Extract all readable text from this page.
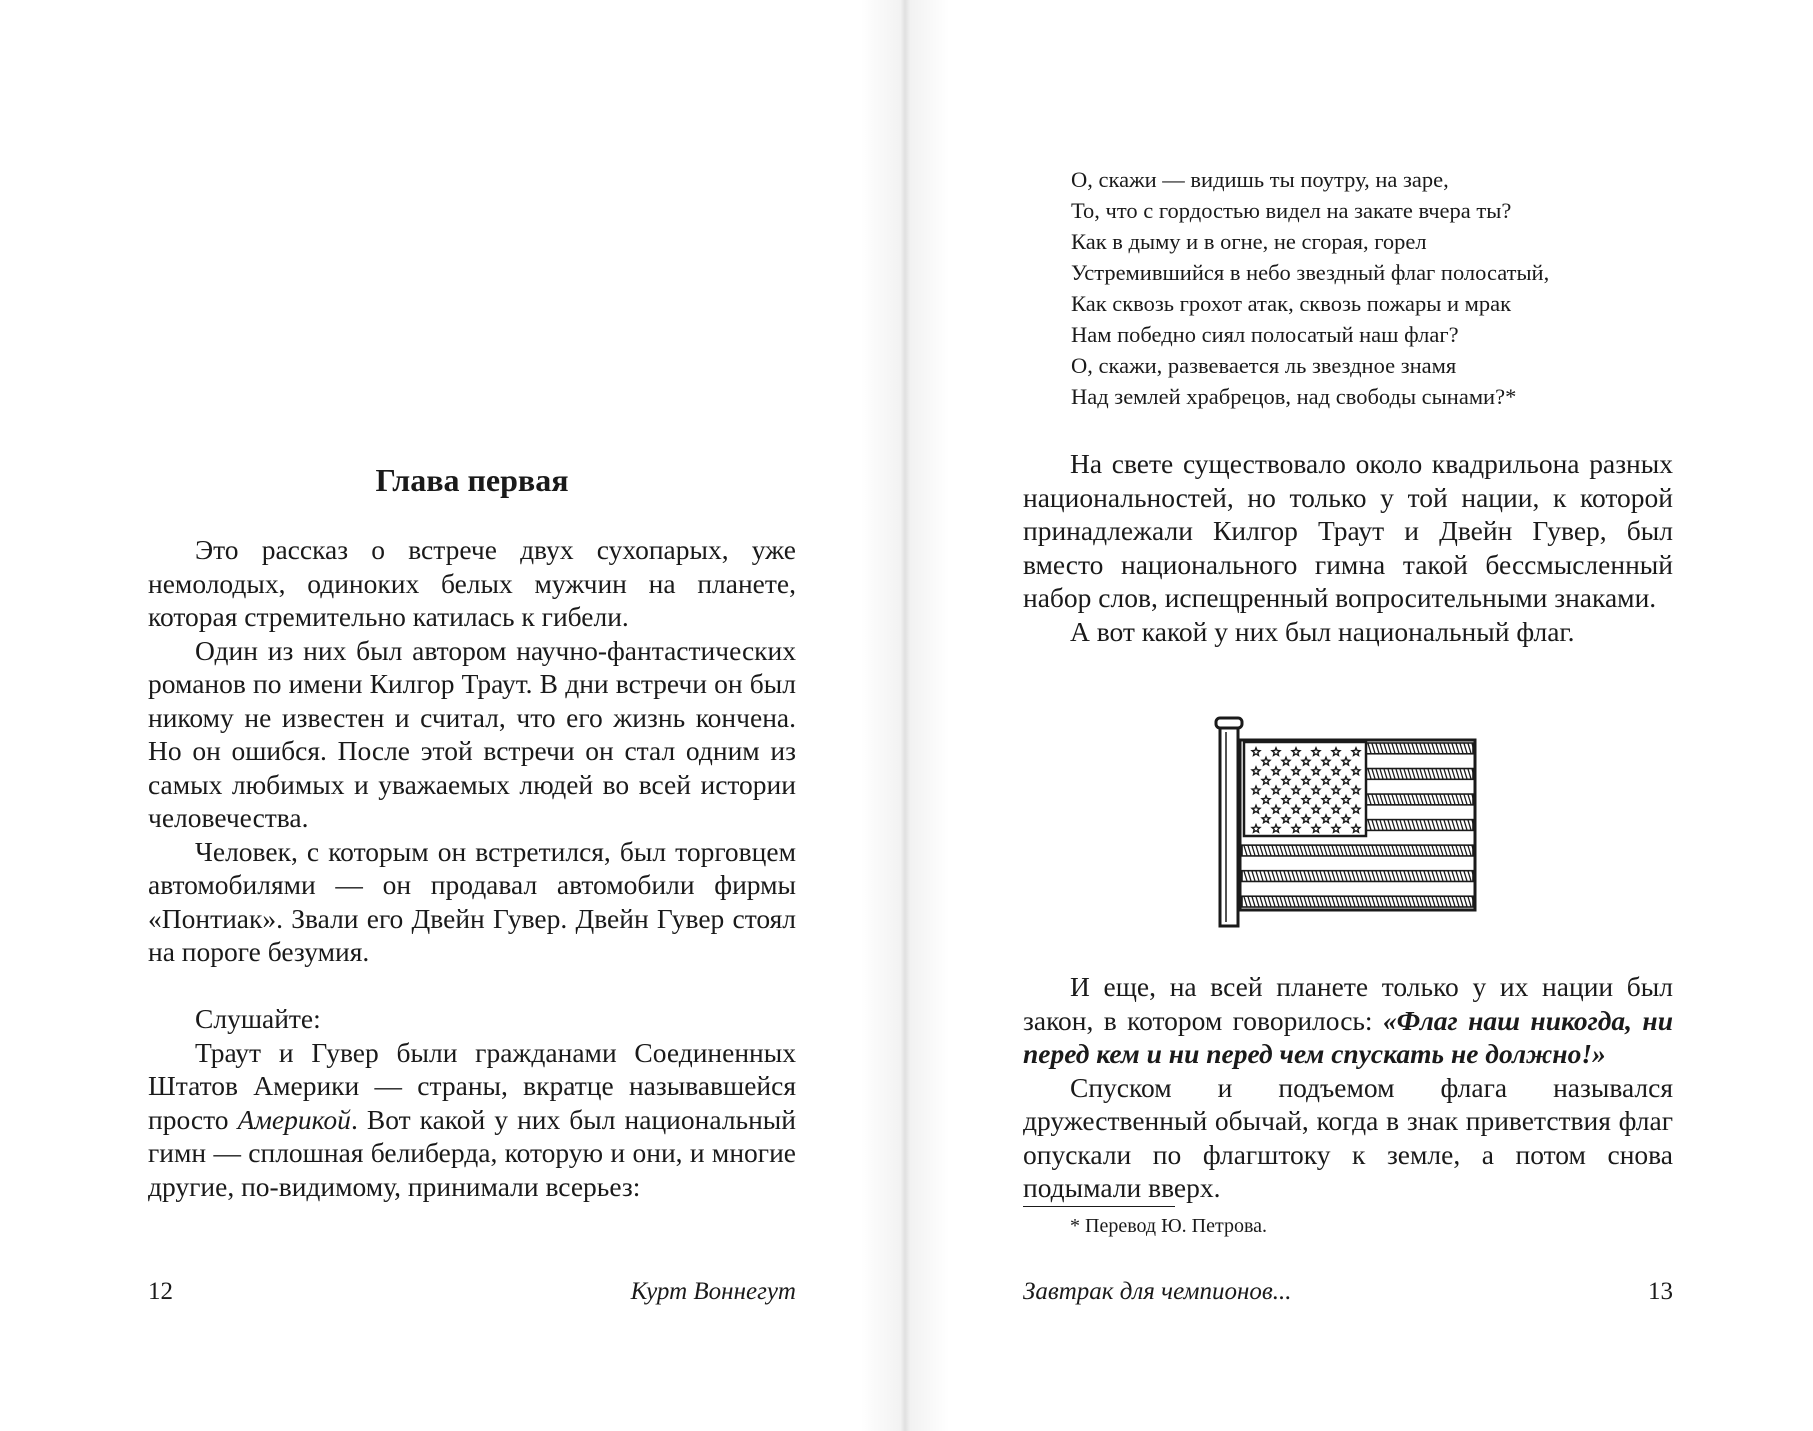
Глава первая

Это рассказ о встрече двух сухопарых, уже немолодых, одиноких белых мужчин на планете, которая стремительно катилась к гибели.

Один из них был автором научно-фантастических романов по имени Килгор Траут. В дни встречи он был никому не известен и считал, что его жизнь кончена. Но он ошибся. После этой встречи он стал одним из самых любимых и уважаемых людей во всей истории человечества.

Человек, с которым он встретился, был торговцем автомобилями — он продавал автомобили фирмы «Понтиак». Звали его Двейн Гувер. Двейн Гувер стоял на пороге безумия.

Слушайте:

Траут и Гувер были гражданами Соединенных Штатов Америки — страны, вкратце называвшейся просто Америкой. Вот какой у них был национальный гимн — сплошная белиберда, которую и они, и многие другие, по-видимому, принимали всерьез:

12	Курт Воннегут
О, скажи — видишь ты поутру, на заре,
То, что с гордостью видел на закате вчера ты?
Как в дыму и в огне, не сгорая, горел
Устремившийся в небо звездный флаг полосатый,
Как сквозь грохот атак, сквозь пожары и мрак
Нам победно сиял полосатый наш флаг?
О, скажи, развевается ль звездное знамя
Над землей храбрецов, над свободы сынами?*

На свете существовало около квадрильона разных национальностей, но только у той нации, к которой принадлежали Килгор Траут и Двейн Гувер, был вместо национального гимна такой бессмысленный набор слов, испещренный вопросительными знаками.

А вот какой у них был национальный флаг.

И еще, на всей планете только у их нации был закон, в котором говорилось: «Флаг наш никогда, ни перед кем и ни перед чем спускать не должно!»

Спуском и подъемом флага назывался дружественный обычай, когда в знак приветствия флаг опускали по флагштоку к земле, а потом снова подымали вверх.

* Перевод Ю. Петрова.
Завтрак для чемпионов...	13
